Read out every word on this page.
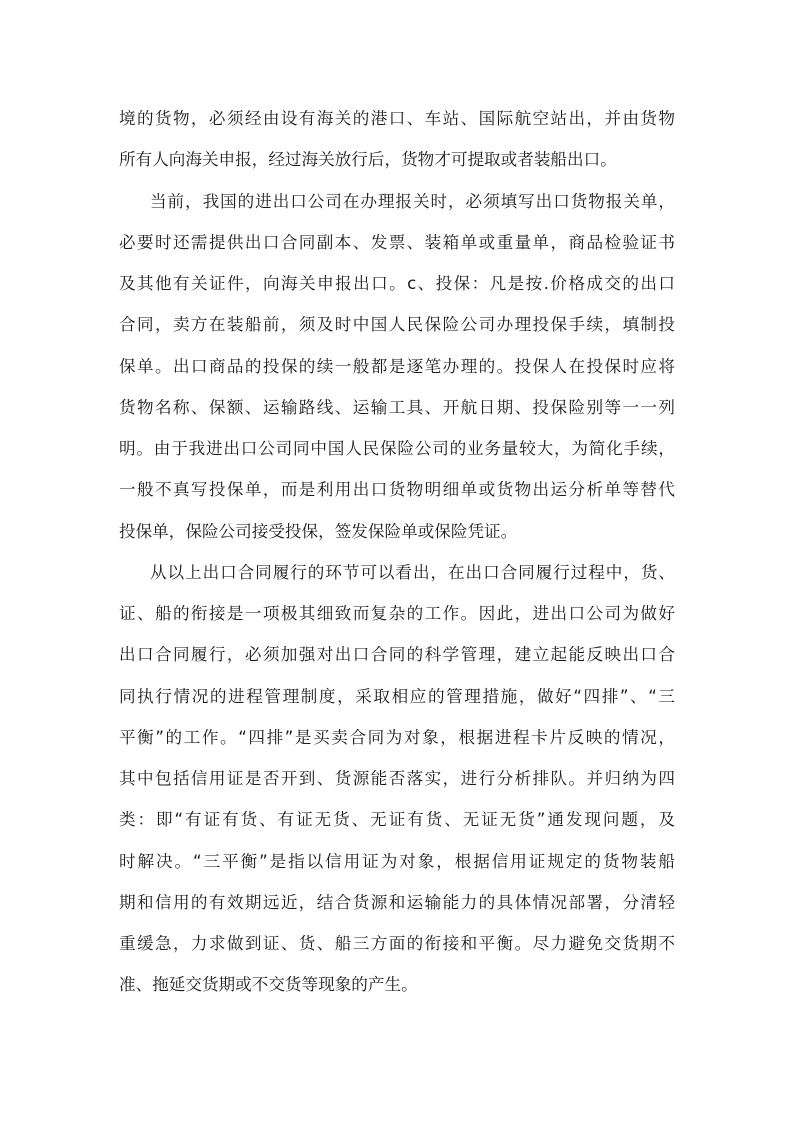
境的货物，必须经由设有海关的港口、车站、国际航空站出，并由货物

所有人向海关申报，经过海关放行后，货物才可提取或者装船出口。

当前，我国的进出口公司在办理报关时，必须填写出口货物报关单，

必要时还需提供出口合同副本、发票、装箱单或重量单，商品检验证书

及其他有关证件，向海关申报出口。c、投保：凡是按.价格成交的出口

合同，卖方在装船前，须及时中国人民保险公司办理投保手续，填制投

保单。出口商品的投保的续一般都是逐笔办理的。投保人在投保时应将

货物名称、保额、运输路线、运输工具、开航日期、投保险别等一一列

明。由于我进出口公司同中国人民保险公司的业务量较大，为简化手续，

一般不真写投保单，而是利用出口货物明细单或货物出运分析单等替代

投保单，保险公司接受投保，签发保险单或保险凭证。

从以上出口合同履行的环节可以看出，在出口合同履行过程中，货、

证、船的衔接是一项极其细致而复杂的工作。因此，进出口公司为做好

出口合同履行，必须加强对出口合同的科学管理，建立起能反映出口合

同执行情况的进程管理制度，采取相应的管理措施，做好“四排”、“三

平衡”的工作。“四排”是买卖合同为对象，根据进程卡片反映的情况，

其中包括信用证是否开到、货源能否落实，进行分析排队。并归纳为四

类：即“有证有货、有证无货、无证有货、无证无货”通发现问题，及

时解决。“三平衡”是指以信用证为对象，根据信用证规定的货物装船

期和信用的有效期远近，结合货源和运输能力的具体情况部署，分清轻

重缓急，力求做到证、货、船三方面的衔接和平衡。尽力避免交货期不

准、拖延交货期或不交货等现象的产生。
